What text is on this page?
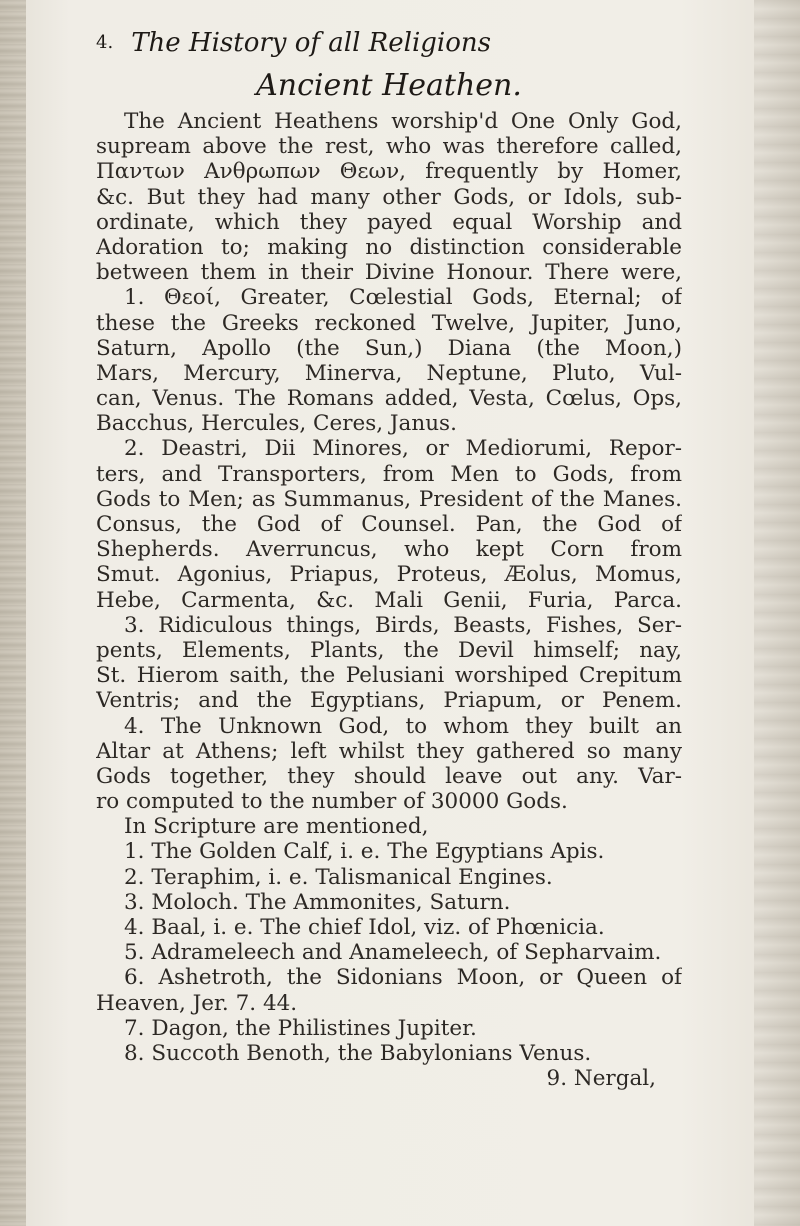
4. The History of all Religions
Ancient Heathen.
The Ancient Heathens worship'd One Only God,
supream above the rest, who was therefore called,
Παντων Ανθρωπων Θεων, frequently by Homer,
&c. But they had many other Gods, or Idols, sub-
ordinate, which they payed equal Worship and
Adoration to; making no distinction considerable
between them in their Divine Honour. There were,
1. Θεοί, Greater, Cœlestial Gods, Eternal; of
these the Greeks reckoned Twelve, Jupiter, Juno,
Saturn, Apollo (the Sun,) Diana (the Moon,)
Mars, Mercury, Minerva, Neptune, Pluto, Vul-
can, Venus. The Romans added, Vesta, Cœlus, Ops,
Bacchus, Hercules, Ceres, Janus.
2. Deastri, Dii Minores, or Mediorumi, Repor-
ters, and Transporters, from Men to Gods, from
Gods to Men; as Summanus, President of the Manes.
Consus, the God of Counsel. Pan, the God of
Shepherds. Averruncus, who kept Corn from
Smut. Agonius, Priapus, Proteus, Æolus, Momus,
Hebe, Carmenta, &c. Mali Genii, Furia, Parca.
3. Ridiculous things, Birds, Beasts, Fishes, Ser-
pents, Elements, Plants, the Devil himself; nay,
St. Hierom saith, the Pelusiani worshiped Crepitum
Ventris; and the Egyptians, Priapum, or Penem.
4. The Unknown God, to whom they built an
Altar at Athens; left whilst they gathered so many
Gods together, they should leave out any. Var-
ro computed to the number of 30000 Gods.
In Scripture are mentioned,
1. The Golden Calf, i. e. The Egyptians Apis.
2. Teraphim, i. e. Talismanical Engines.
3. Moloch. The Ammonites, Saturn.
4. Baal, i. e. The chief Idol, viz. of Phœnicia.
5. Adrameleech and Anameleech, of Sepharvaim.
6. Ashetroth, the Sidonians Moon, or Queen of
Heaven, Jer. 7. 44.
7. Dagon, the Philistines Jupiter.
8. Succoth Benoth, the Babylonians Venus.
9. Nergal,
